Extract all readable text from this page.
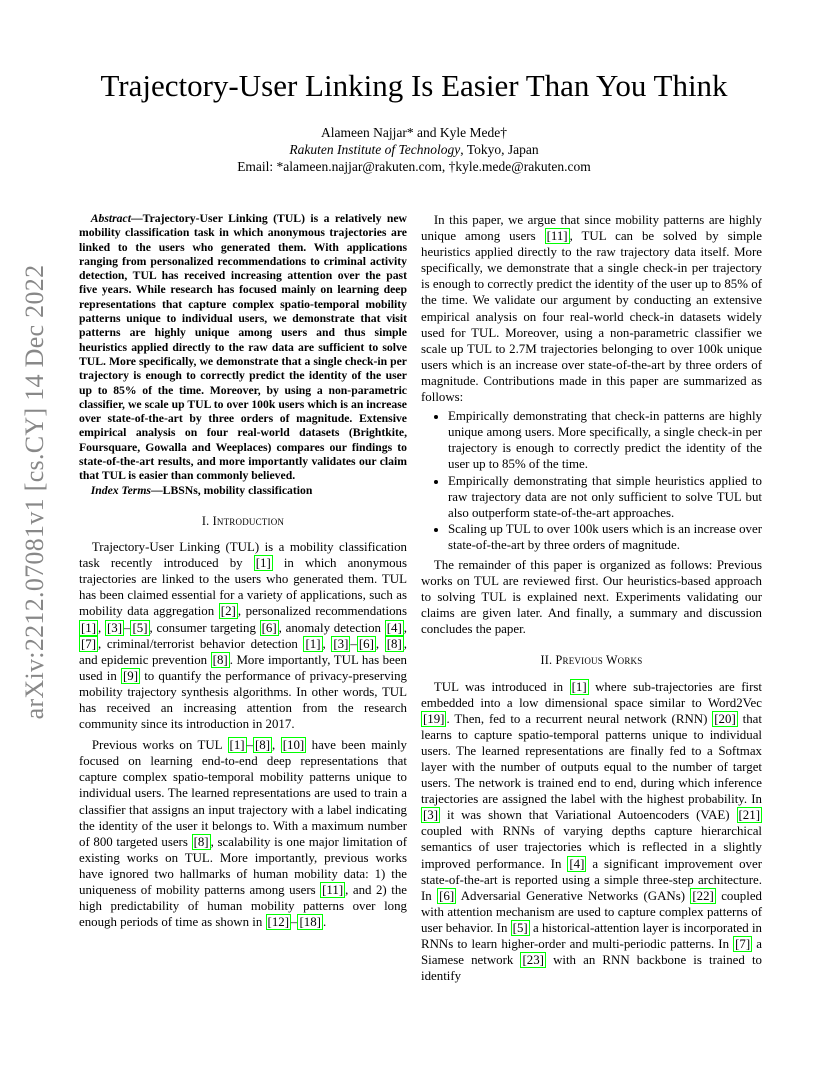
arXiv:2212.07081v1 [cs.CY] 14 Dec 2022
Trajectory-User Linking Is Easier Than You Think
Alameen Najjar* and Kyle Mede†
Rakuten Institute of Technology, Tokyo, Japan
Email: *alameen.najjar@rakuten.com, †kyle.mede@rakuten.com

Abstract—Trajectory-User Linking (TUL) is a relatively new mobility classification task in which anonymous trajectories are linked to the users who generated them. With applications ranging from personalized recommendations to criminal activity detection, TUL has received increasing attention over the past five years. While research has focused mainly on learning deep representations that capture complex spatio-temporal mobility patterns unique to individual users, we demonstrate that visit patterns are highly unique among users and thus simple heuristics applied directly to the raw data are sufficient to solve TUL. More specifically, we demonstrate that a single check-in per trajectory is enough to correctly predict the identity of the user up to 85% of the time. Moreover, by using a non-parametric classifier, we scale up TUL to over 100k users which is an increase over state-of-the-art by three orders of magnitude. Extensive empirical analysis on four real-world datasets (Brightkite, Foursquare, Gowalla and Weeplaces) compares our findings to state-of-the-art results, and more importantly validates our claim that TUL is easier than commonly believed.

Index Terms—LBSNs, mobility classification

I. Introduction

Trajectory-User Linking (TUL) is a mobility classification task recently introduced by [1] in which anonymous trajectories are linked to the users who generated them. TUL has been claimed essential for a variety of applications, such as mobility data aggregation [2] , personalized recommendations [1] , [3] – [5] , consumer targeting [6] , anomaly detection [4] , [7] , criminal/terrorist behavior detection [1] , [3] – [6] , [8] , and epidemic prevention [8] . More importantly, TUL has been used in [9] to quantify the performance of privacy-preserving mobility trajectory synthesis algorithms. In other words, TUL has received an increasing attention from the research community since its introduction in 2017.

Previous works on TUL [1] – [8] , [10] have been mainly focused on learning end-to-end deep representations that capture complex spatio-temporal mobility patterns unique to individual users. The learned representations are used to train a classifier that assigns an input trajectory with a label indicating the identity of the user it belongs to. With a maximum number of 800 targeted users [8] , scalability is one major limitation of existing works on TUL. More importantly, previous works have ignored two hallmarks of human mobility data: 1) the uniqueness of mobility patterns among users [11] , and 2) the high predictability of human mobility patterns over long enough periods of time as shown in [12] – [18] .

In this paper, we argue that since mobility patterns are highly unique among users [11] , TUL can be solved by simple heuristics applied directly to the raw trajectory data itself. More specifically, we demonstrate that a single check-in per trajectory is enough to correctly predict the identity of the user up to 85% of the time. We validate our argument by conducting an extensive empirical analysis on four real-world check-in datasets widely used for TUL. Moreover, using a non-parametric classifier we scale up TUL to 2.7M trajectories belonging to over 100k unique users which is an increase over state-of-the-art by three orders of magnitude. Contributions made in this paper are summarized as follows:

• Empirically demonstrating that check-in patterns are highly unique among users. More specifically, a single check-in per trajectory is enough to correctly predict the identity of the user up to 85% of the time.
• Empirically demonstrating that simple heuristics applied to raw trajectory data are not only sufficient to solve TUL but also outperform state-of-the-art approaches.
• Scaling up TUL to over 100k users which is an increase over state-of-the-art by three orders of magnitude.

The remainder of this paper is organized as follows: Previous works on TUL are reviewed first. Our heuristics-based approach to solving TUL is explained next. Experiments validating our claims are given later. And finally, a summary and discussion concludes the paper.

II. Previous Works

TUL was introduced in [1] where sub-trajectories are first embedded into a low dimensional space similar to Word2Vec [19] . Then, fed to a recurrent neural network (RNN) [20] that learns to capture spatio-temporal patterns unique to individual users. The learned representations are finally fed to a Softmax layer with the number of outputs equal to the number of target users. The network is trained end to end, during which inference trajectories are assigned the label with the highest probability. In [3] it was shown that Variational Autoencoders (VAE) [21] coupled with RNNs of varying depths capture hierarchical semantics of user trajectories which is reflected in a slightly improved performance. In [4] a significant improvement over state-of-the-art is reported using a simple three-step architecture. In [6] Adversarial Generative Networks (GANs) [22] coupled with attention mechanism are used to capture complex patterns of user behavior. In [5] a historical-attention layer is incorporated in RNNs to learn higher-order and multi-periodic patterns. In [7] a Siamese network [23] with an RNN backbone is trained to identify
